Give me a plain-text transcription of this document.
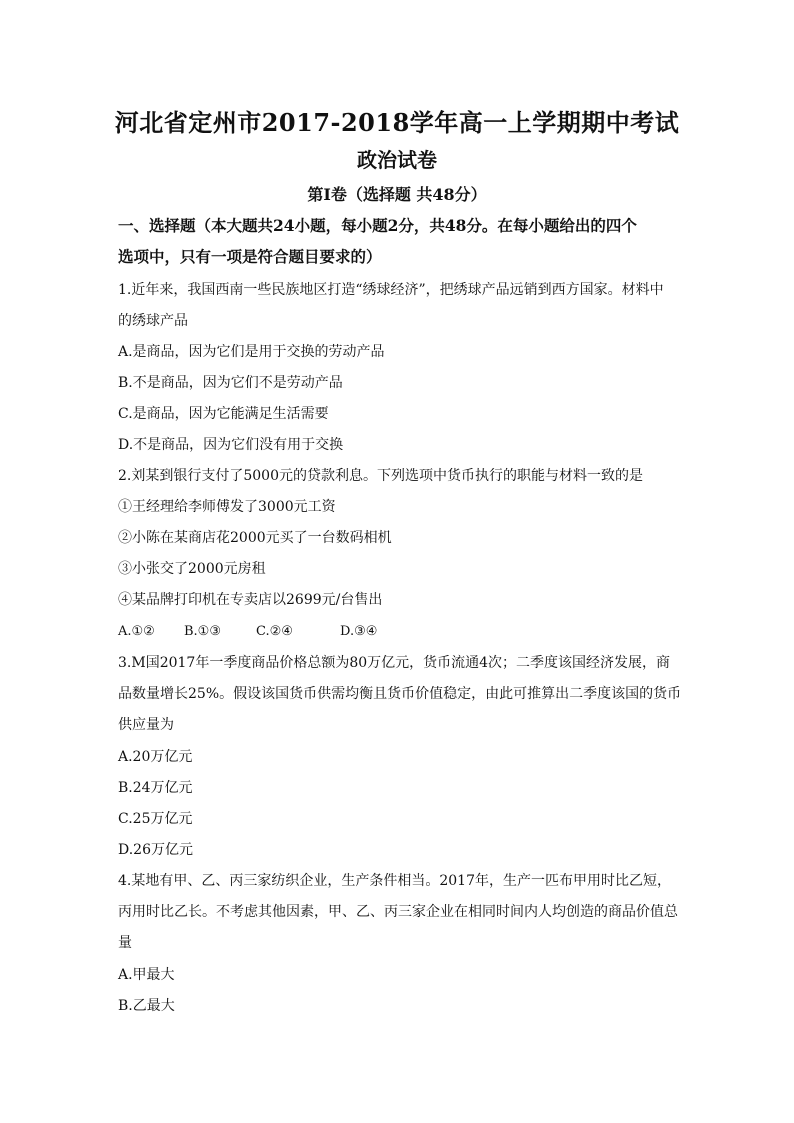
河北省定州市2017-2018学年高一上学期期中考试
政治试卷
第Ⅰ卷（选择题 共48分）
一、选择题（本大题共24小题，每小题2分，共48分。在每小题给出的四个
选项中，只有一项是符合题目要求的）
1.近年来，我国西南一些民族地区打造“绣球经济”，把绣球产品远销到西方国家。材料中
的绣球产品
A.是商品，因为它们是用于交换的劳动产品
B.不是商品，因为它们不是劳动产品
C.是商品，因为它能满足生活需要
D.不是商品，因为它们没有用于交换
2.刘某到银行支付了5000元的贷款利息。下列选项中货币执行的职能与材料一致的是
①王经理给李师傅发了3000元工资
②小陈在某商店花2000元买了一台数码相机
③小张交了2000元房租
④某品牌打印机在专卖店以2699元/台售出
A.①② B.①③	C.②④	D.③④
3.M国2017年一季度商品价格总额为80万亿元，货币流通4次；二季度该国经济发展，商
品数量增长25%。假设该国货币供需均衡且货币价值稳定，由此可推算出二季度该国的货币
供应量为
A.20万亿元
B.24万亿元
C.25万亿元
D.26万亿元
4.某地有甲、乙、丙三家纺织企业，生产条件相当。2017年，生产一匹布甲用时比乙短，
丙用时比乙长。不考虑其他因素，甲、乙、丙三家企业在相同时间内人均创造的商品价值总
量
A.甲最大
B.乙最大
